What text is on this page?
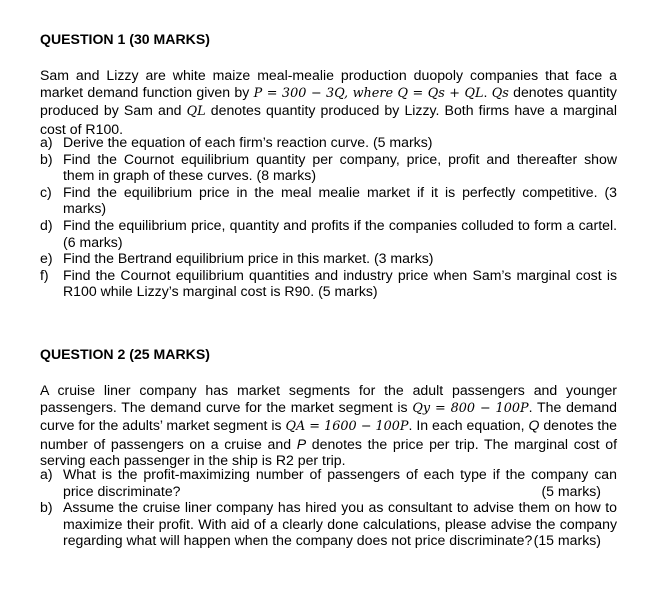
QUESTION 1 (30 MARKS)
Sam and Lizzy are white maize meal-mealie production duopoly companies that face a market demand function given by P = 300 − 3Q, where Q = Qs + QL. Qs denotes quantity produced by Sam and QL denotes quantity produced by Lizzy. Both firms have a marginal cost of R100.
a) Derive the equation of each firm’s reaction curve. (5 marks)
b) Find the Cournot equilibrium quantity per company, price, profit and thereafter show them in graph of these curves. (8 marks)
c) Find the equilibrium price in the meal mealie market if it is perfectly competitive. (3 marks)
d) Find the equilibrium price, quantity and profits if the companies colluded to form a cartel. (6 marks)
e) Find the Bertrand equilibrium price in this market. (3 marks)
f)	Find the Cournot equilibrium quantities and industry price when Sam’s marginal cost is R100 while Lizzy’s marginal cost is R90. (5 marks)
QUESTION 2 (25 MARKS)
A cruise liner company has market segments for the adult passengers and younger passengers. The demand curve for the market segment is Qy = 800 − 100P. The demand curve for the adults’ market segment is QA = 1600 − 100P. In each equation, Q denotes the number of passengers on a cruise and P denotes the price per trip. The marginal cost of serving each passenger in the ship is R2 per trip.
a) What is the profit-maximizing number of passengers of each type if the company can price discriminate?	(5 marks)
b) Assume the cruise liner company has hired you as consultant to advise them on how to maximize their profit. With aid of a clearly done calculations, please advise the company regarding what will happen when the company does not price discriminate? (15 marks)
